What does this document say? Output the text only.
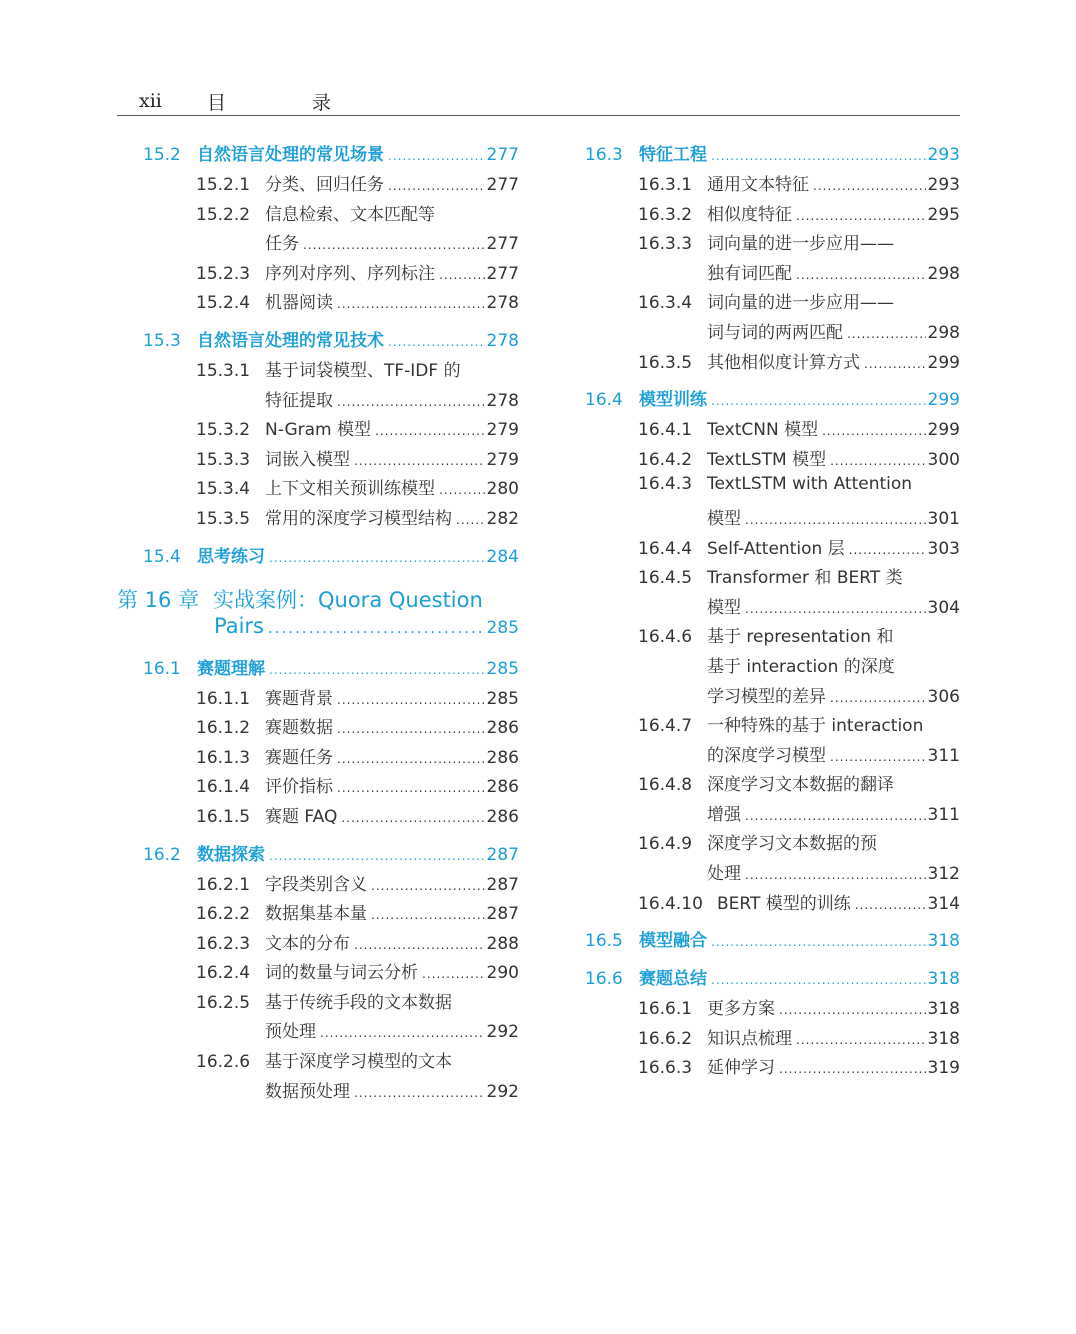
xii 目 录
15.2 自然语言处理的常见场景 .....	277
15.2.1 分类、回归任务 .....	277
15.2.2 信息检索、文本匹配等
任务 .....	277
15.2.3 序列对序列、序列标注 .....	277
15.2.4 机器阅读 .....	278
15.3 自然语言处理的常见技术 .....	278
15.3.1 基于词袋模型、TF-IDF 的
特征提取 .....	278
15.3.2 N-Gram 模型 .....	279
15.3.3 词嵌入模型 .....	279
15.3.4 上下文相关预训练模型 .....	280
15.3.5 常用的深度学习模型结构 ..... 282
15.4 思考练习 .....	284
第 16 章 实战案例：Quora Question
Pairs .....	285
16.1 赛题理解 .....	285
16.1.1 赛题背景 .....	285
16.1.2 赛题数据 .....	286
16.1.3 赛题任务 .....	286
16.1.4 评价指标 .....	286
16.1.5 赛题 FAQ .....	286
16.2 数据探索 .....	287
16.2.1 字段类别含义 .....	287
16.2.2 数据集基本量 .....	287
16.2.3 文本的分布 .....	288
16.2.4 词的数量与词云分析 .....	290
16.2.5 基于传统手段的文本数据
预处理 .....	292
16.2.6 基于深度学习模型的文本
数据预处理 .....	292
16.3 特征工程 .....	293
16.3.1 通用文本特征 .....	293
16.3.2 相似度特征 .....	295
16.3.3 词向量的进一步应用——
独有词匹配 .....	298
16.3.4 词向量的进一步应用——
词与词的两两匹配 .....	298
16.3.5 其他相似度计算方式 .....	299
16.4 模型训练 .....	299
16.4.1 TextCNN 模型 .....	299
16.4.2 TextLSTM 模型 .....	300
16.4.3 TextLSTM with Attention
模型 .....	301
16.4.4 Self-Attention 层 .....	303
16.4.5 Transformer 和 BERT 类
模型 .....	304
16.4.6 基于 representation 和
基于 interaction 的深度
学习模型的差异 .....	306
16.4.7 一种特殊的基于 interaction
的深度学习模型 .....	311
16.4.8 深度学习文本数据的翻译
增强 .....	311
16.4.9 深度学习文本数据的预
处理 .....	312
16.4.10 BERT 模型的训练 .....	314
16.5 模型融合 .....	318
16.6 赛题总结 .....	318
16.6.1 更多方案 .....	318
16.6.2 知识点梳理 .....	318
16.6.3 延伸学习 .....	319
